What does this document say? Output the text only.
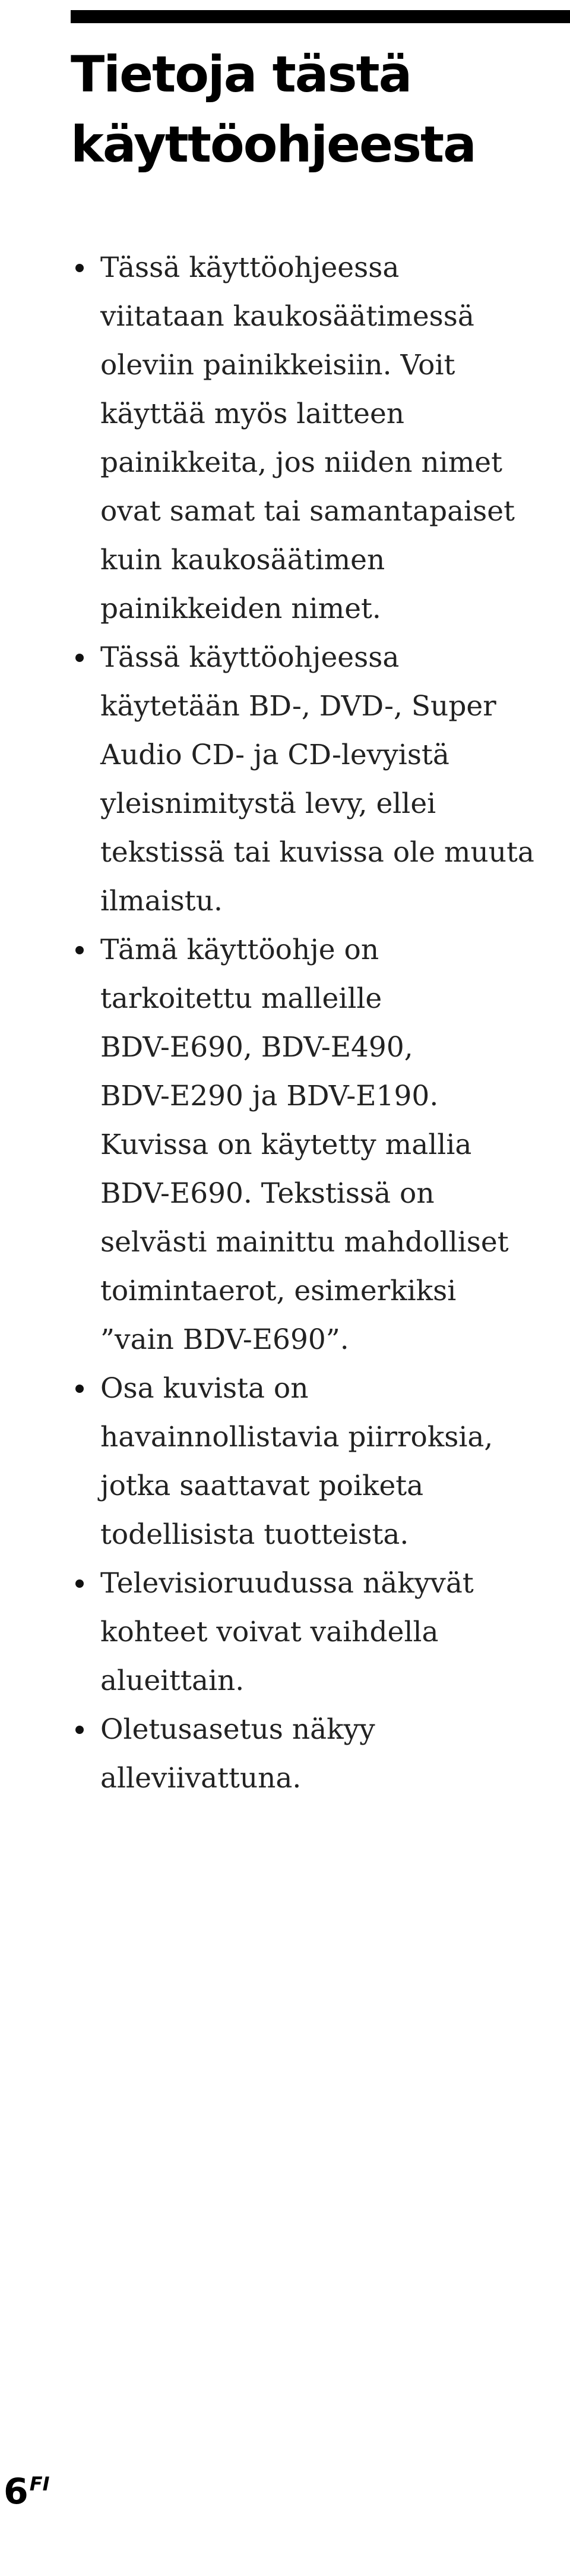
Tietoja tästä
käyttöohjeesta
Tässä käyttöohjeessa
viitataan kaukosäätimessä
oleviin painikkeisiin. Voit
käyttää myös laitteen
painikkeita, jos niiden nimet
ovat samat tai samantapaiset
kuin kaukosäätimen
painikkeiden nimet.
Tässä käyttöohjeessa
käytetään BD-, DVD-, Super
Audio CD- ja CD-levyistä
yleisnimitystä levy, ellei
tekstissä tai kuvissa ole muuta
ilmaistu.
Tämä käyttöohje on
tarkoitettu malleille
BDV-E690, BDV-E490,
BDV-E290 ja BDV-E190.
Kuvissa on käytetty mallia
BDV-E690. Tekstissä on
selvästi mainittu mahdolliset
toimintaerot, esimerkiksi
”vain BDV-E690”.
Osa kuvista on
havainnollistavia piirroksia,
jotka saattavat poiketa
todellisista tuotteista.
Televisioruudussa näkyvät
kohteet voivat vaihdella
alueittain.
Oletusasetus näkyy
alleviivattuna.
$6^{FI}$
